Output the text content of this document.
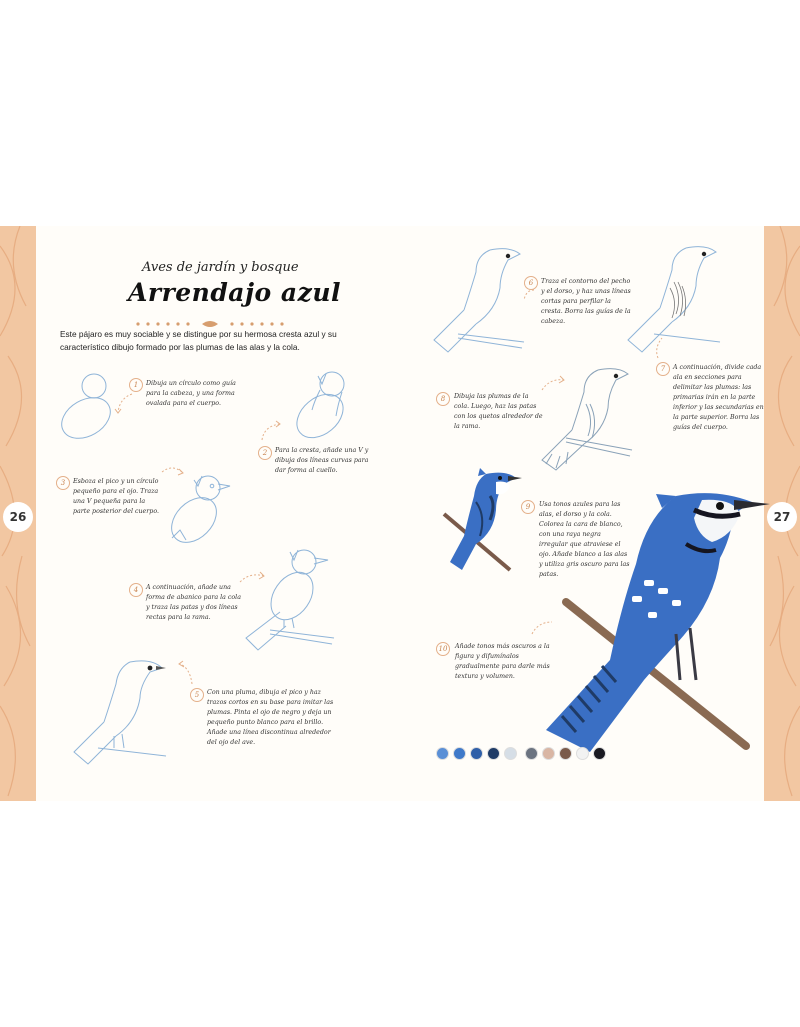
26	27
Aves de jardín y bosque
Arrendajo azul
Este pájaro es muy sociable y se distingue por su hermosa cresta azul y su característico dibujo formado por las plumas de las alas y la cola.
1	Dibuja un círculo como guía para la cabeza, y una forma ovalada para el cuerpo.
2	Para la cresta, añade una V y dibuja dos líneas curvas para dar forma al cuello.
3	Esboza el pico y un círculo pequeño para el ojo. Traza una V pequeña para la parte posterior del cuerpo.
4	A continuación, añade una forma de abanico para la cola y traza las patas y dos líneas rectas para la rama.
5	Con una pluma, dibuja el pico y haz trazos cortos en su base para imitar las plumas. Pinta el ojo de negro y deja un pequeño punto blanco para el brillo. Añade una línea discontinua alrededor del ojo del ave.
6	Traza el contorno del pecho y el dorso, y haz unas líneas cortas para perfilar la cresta. Borra las guías de la cabeza.
7	A continuación, divide cada ala en secciones para delimitar las plumas: las primarias irán en la parte inferior y las secundarias en la parte superior. Borra las guías del cuerpo.
8	Dibuja las plumas de la cola. Luego, haz las patas con los quetos alrededor de la rama.
9	Usa tonos azules para las alas, el dorso y la cola. Colorea la cara de blanco, con una raya negra irregular que atraviese el ojo. Añade blanco a las alas y utiliza gris oscuro para las patas.
10	Añade tonos más oscuros a la figura y difumínalos gradualmente para darle más textura y volumen.
